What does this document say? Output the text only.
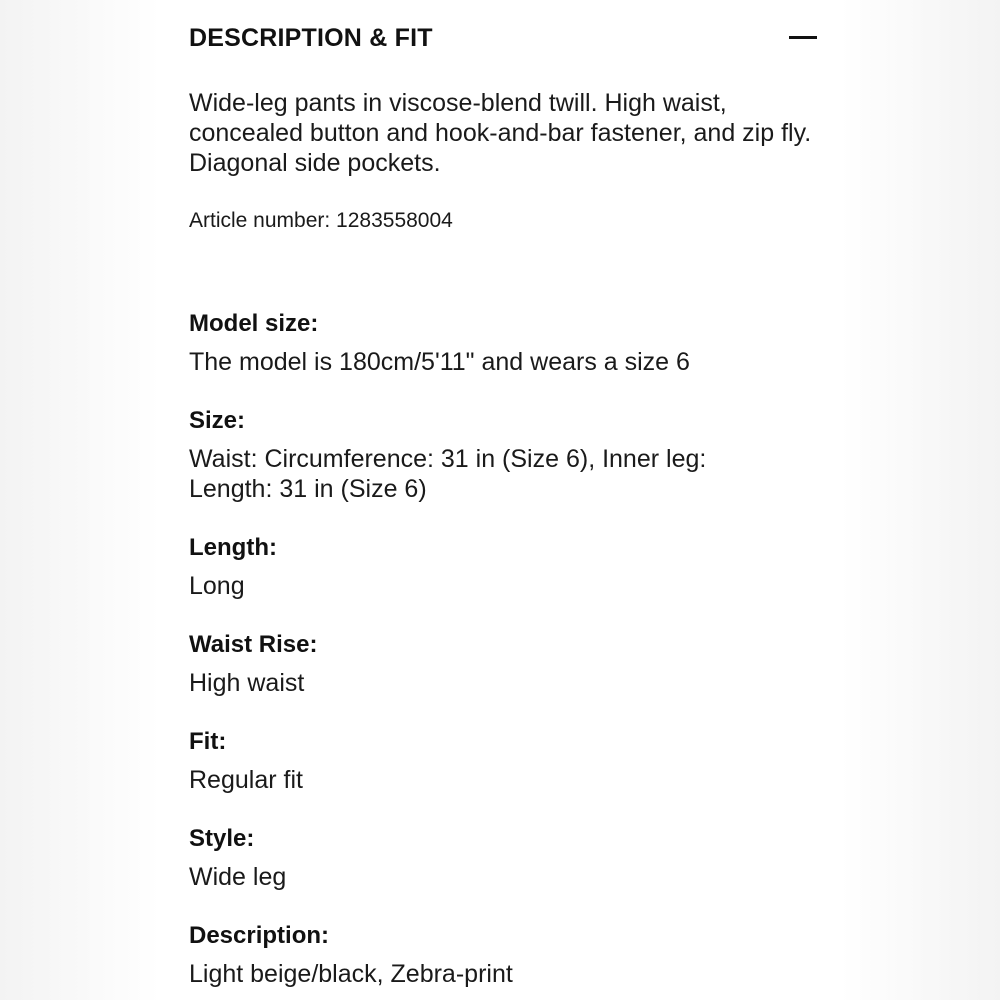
DESCRIPTION & FIT
Wide-leg pants in viscose-blend twill. High waist, concealed button and hook-and-bar fastener, and zip fly. Diagonal side pockets.
Article number: 1283558004
Model size:
The model is 180cm/5'11" and wears a size 6
Size:
Waist: Circumference: 31 in (Size 6), Inner leg: Length: 31 in (Size 6)
Length:
Long
Waist Rise:
High waist
Fit:
Regular fit
Style:
Wide leg
Description:
Light beige/black, Zebra-print
